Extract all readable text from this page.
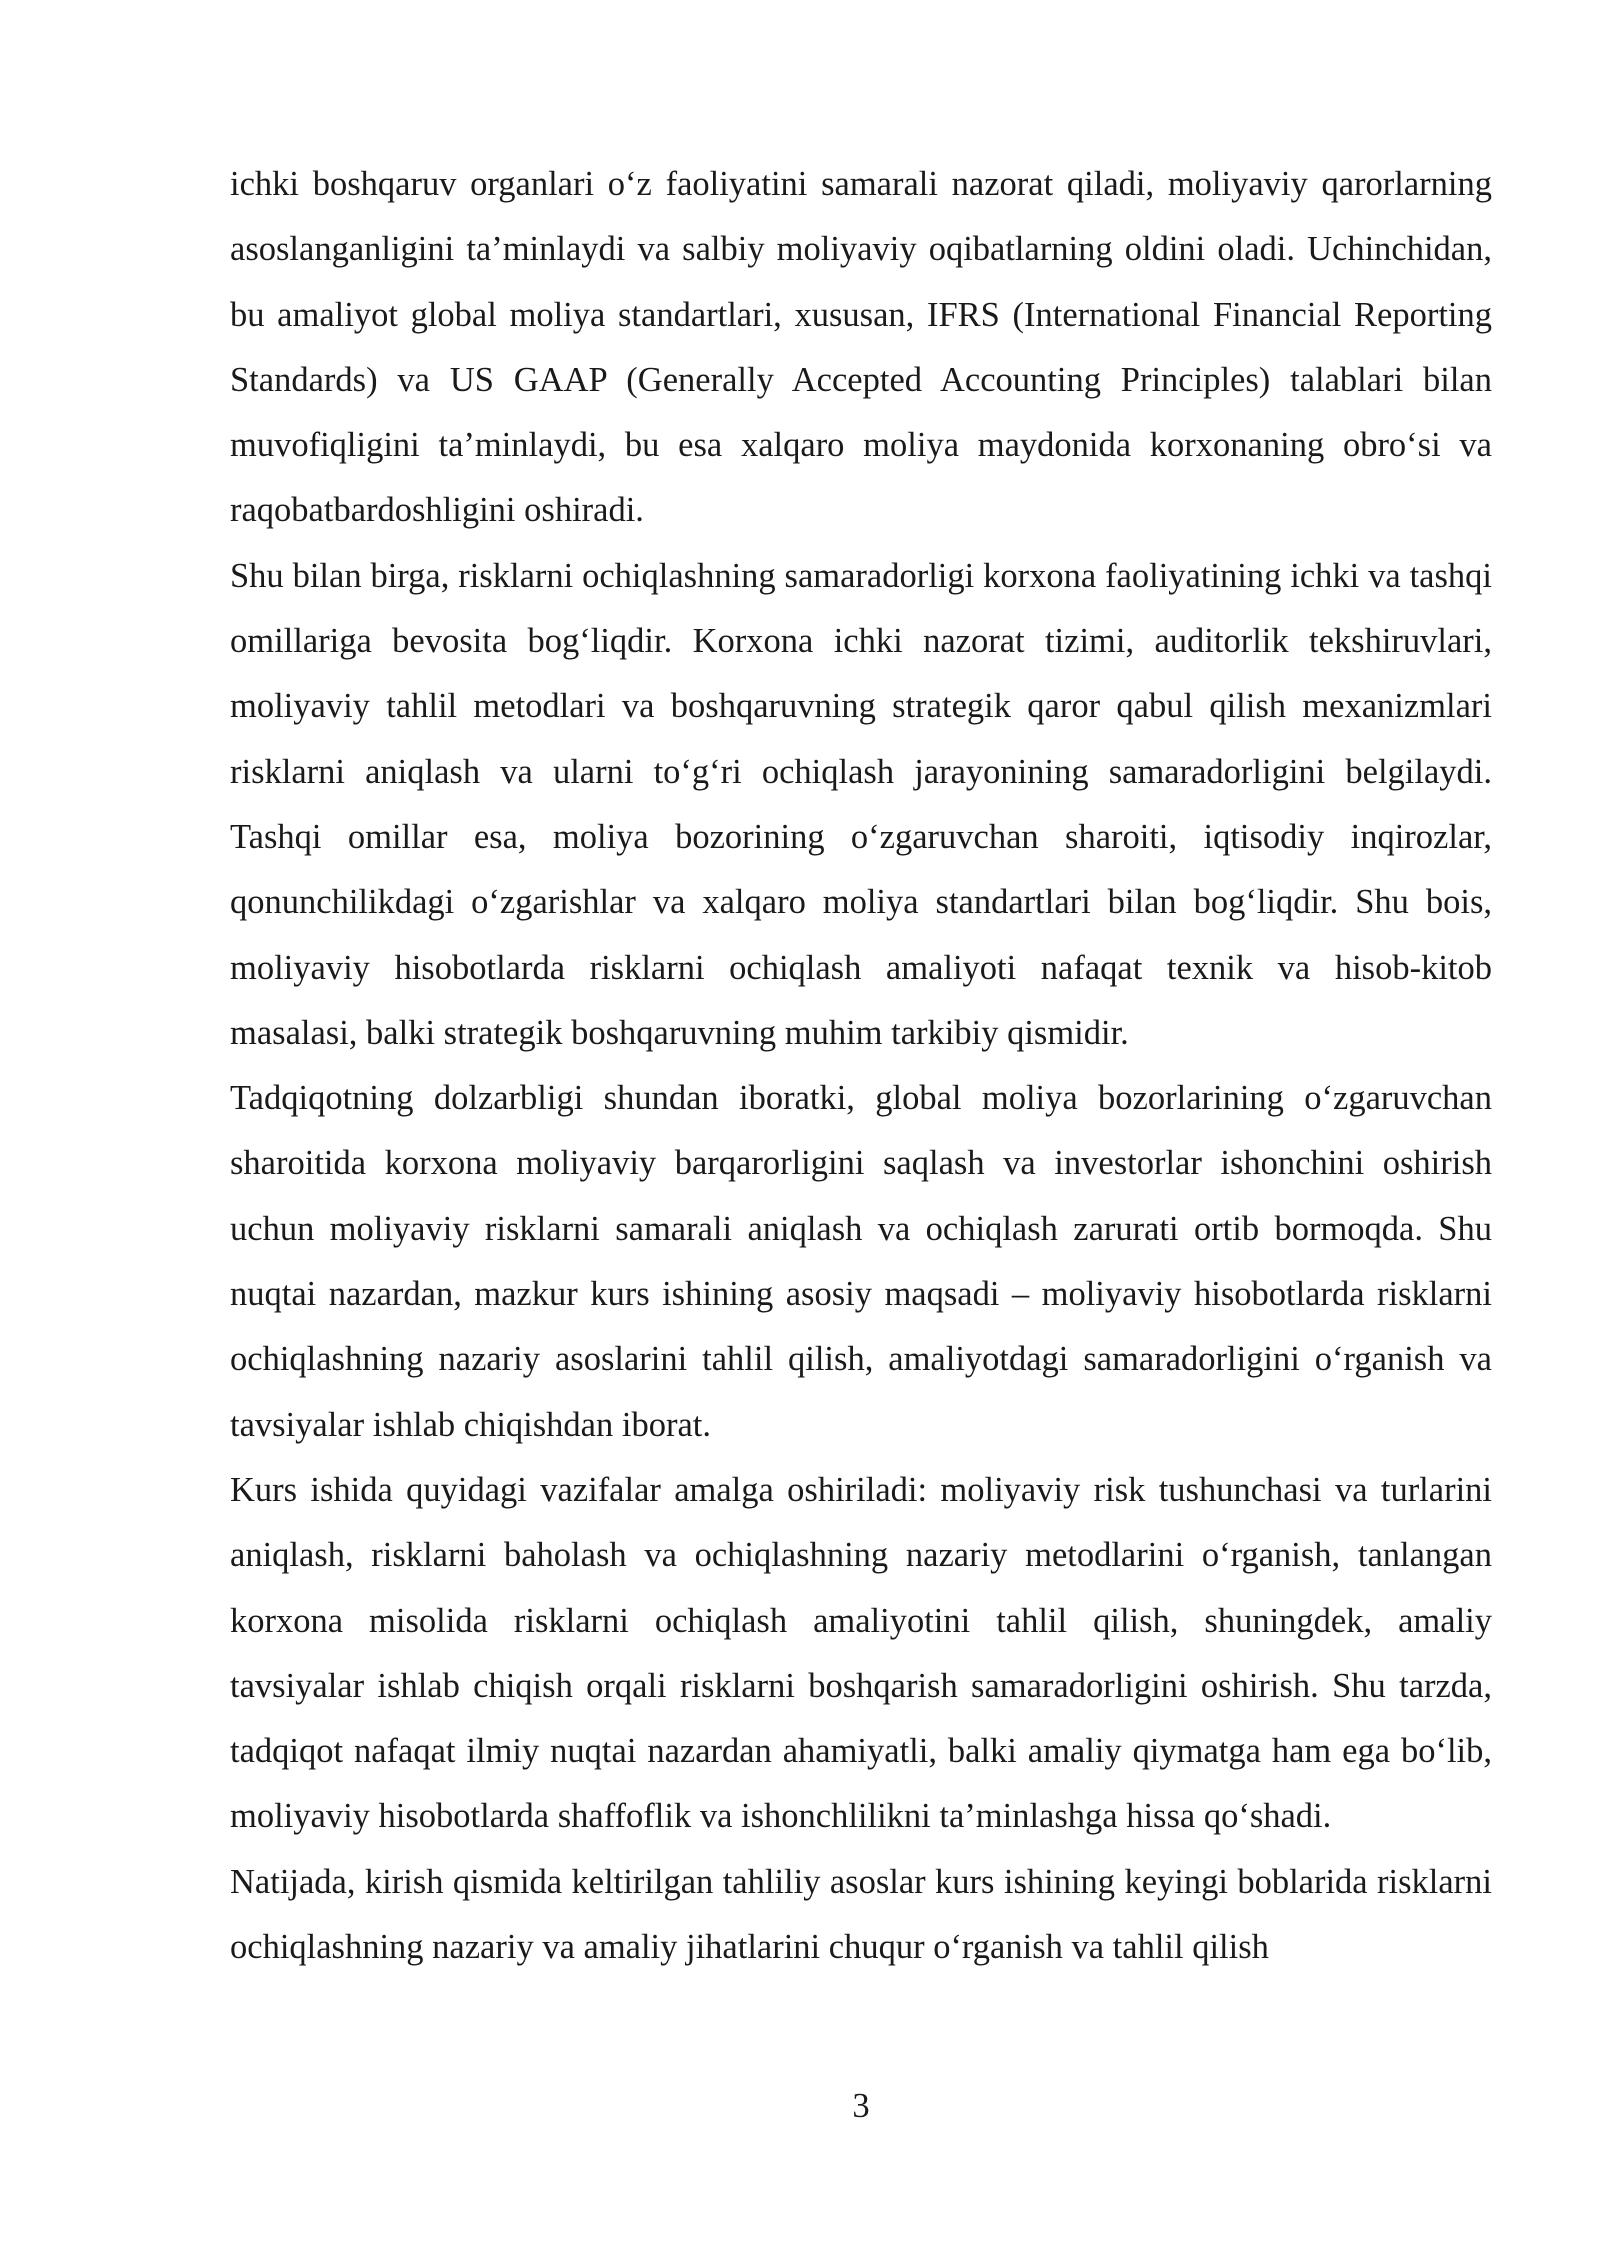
ichki boshqaruv organlari o‘z faoliyatini samarali nazorat qiladi, moliyaviy qarorlarning asoslanganligini ta’minlaydi va salbiy moliyaviy oqibatlarning oldini oladi. Uchinchidan, bu amaliyot global moliya standartlari, xususan, IFRS (International Financial Reporting Standards) va US GAAP (Generally Accepted Accounting Principles) talablari bilan muvofiqligini ta’minlaydi, bu esa xalqaro moliya maydonida korxonaning obro‘si va raqobatbardoshligini oshiradi.

Shu bilan birga, risklarni ochiqlashning samaradorligi korxona faoliyatining ichki va tashqi omillariga bevosita bog‘liqdir. Korxona ichki nazorat tizimi, auditorlik tekshiruvlari, moliyaviy tahlil metodlari va boshqaruvning strategik qaror qabul qilish mexanizmlari risklarni aniqlash va ularni to‘g‘ri ochiqlash jarayonining samaradorligini belgilaydi. Tashqi omillar esa, moliya bozorining o‘zgaruvchan sharoiti, iqtisodiy inqirozlar, qonunchilikdagi o‘zgarishlar va xalqaro moliya standartlari bilan bog‘liqdir. Shu bois, moliyaviy hisobotlarda risklarni ochiqlash amaliyoti nafaqat texnik va hisob-kitob masalasi, balki strategik boshqaruvning muhim tarkibiy qismidir.

Tadqiqotning dolzarbligi shundan iboratki, global moliya bozorlarining o‘zgaruvchan sharoitida korxona moliyaviy barqarorligini saqlash va investorlar ishonchini oshirish uchun moliyaviy risklarni samarali aniqlash va ochiqlash zarurati ortib bormoqda. Shu nuqtai nazardan, mazkur kurs ishining asosiy maqsadi – moliyaviy hisobotlarda risklarni ochiqlashning nazariy asoslarini tahlil qilish, amaliyotdagi samaradorligini o‘rganish va tavsiyalar ishlab chiqishdan iborat.

Kurs ishida quyidagi vazifalar amalga oshiriladi: moliyaviy risk tushunchasi va turlarini aniqlash, risklarni baholash va ochiqlashning nazariy metodlarini o‘rganish, tanlangan korxona misolida risklarni ochiqlash amaliyotini tahlil qilish, shuningdek, amaliy tavsiyalar ishlab chiqish orqali risklarni boshqarish samaradorligini oshirish. Shu tarzda, tadqiqot nafaqat ilmiy nuqtai nazardan ahamiyatli, balki amaliy qiymatga ham ega bo‘lib, moliyaviy hisobotlarda shaffoflik va ishonchlilikni ta’minlashga hissa qo‘shadi.

Natijada, kirish qismida keltirilgan tahliliy asoslar kurs ishining keyingi boblarida risklarni ochiqlashning nazariy va amaliy jihatlarini chuqur o‘rganish va tahlil qilish

3
